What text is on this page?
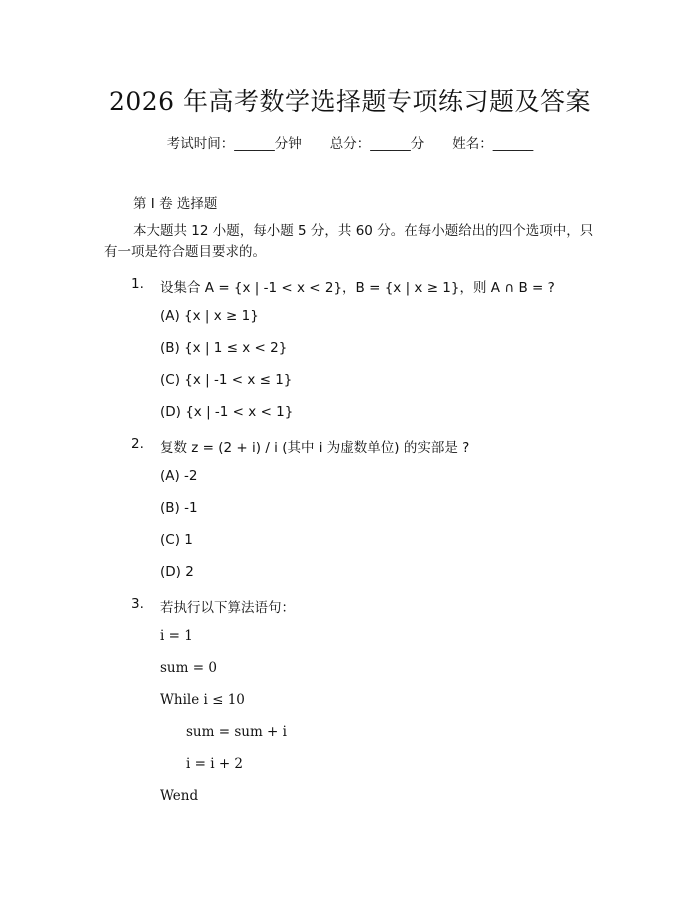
2026 年高考数学选择题专项练习题及答案
考试时间：______分钟 总分：______分 姓名：______
第 I 卷 选择题
本大题共 12 小题，每小题 5 分，共 60 分。在每小题给出的四个选项中，只有一项是符合题目要求的。
1. 设集合 A = {x | -1 < x < 2}，B = {x | x ≥ 1}，则 A ∩ B = ?
(A) {x | x ≥ 1}
(B) {x | 1 ≤ x < 2}
(C) {x | -1 < x ≤ 1}
(D) {x | -1 < x < 1}
2. 复数 z = (2 + i) / i (其中 i 为虚数单位) 的实部是 ?
(A) -2
(B) -1
(C) 1
(D) 2
3. 若执行以下算法语句：
i = 1
sum = 0
While i ≤ 10
sum = sum + i
i = i + 2
Wend
